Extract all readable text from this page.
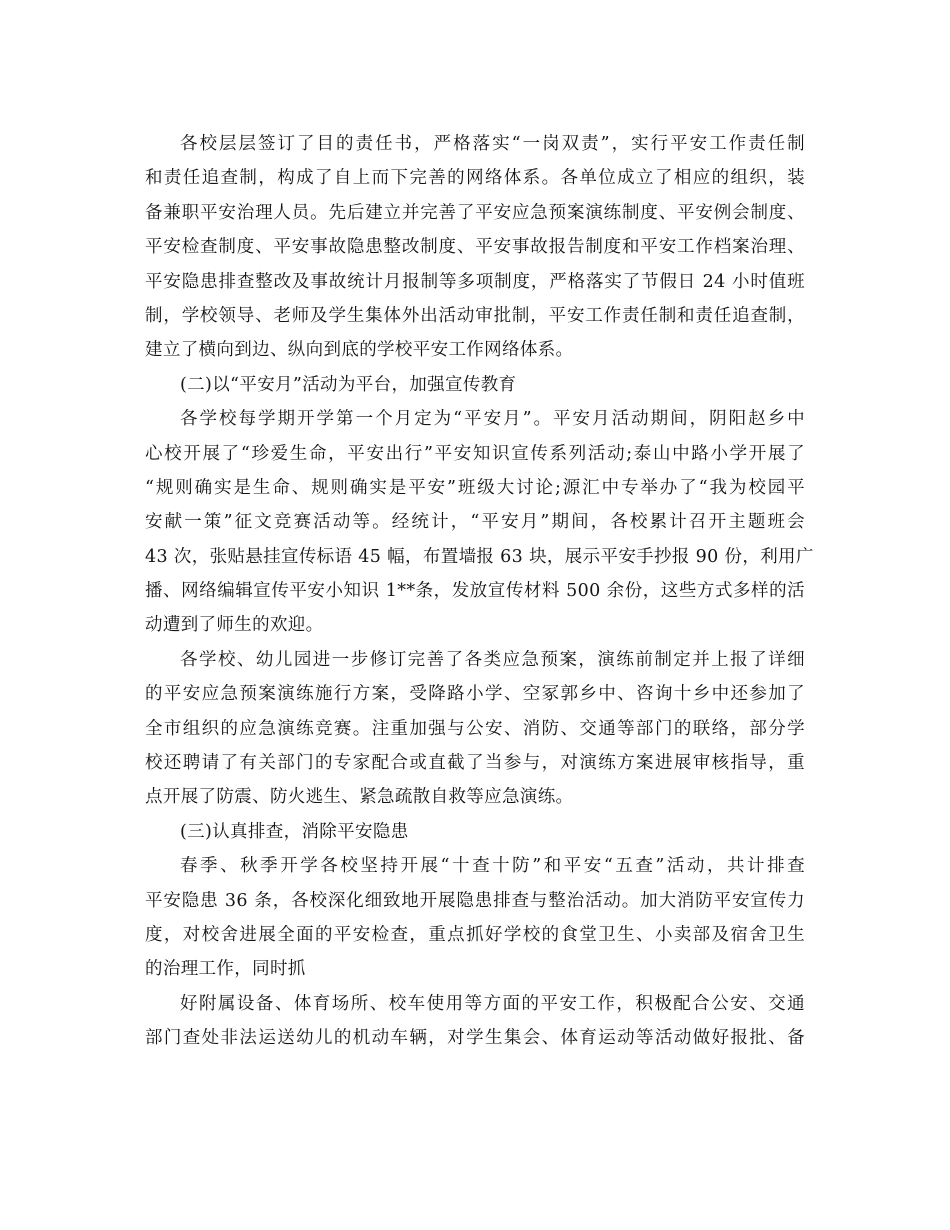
各校层层签订了目的责任书，严格落实“一岗双责”，实行平安工作责任制
和责任追查制，构成了自上而下完善的网络体系。各单位成立了相应的组织，装
备兼职平安治理人员。先后建立并完善了平安应急预案演练制度、平安例会制度、
平安检查制度、平安事故隐患整改制度、平安事故报告制度和平安工作档案治理、
平安隐患排查整改及事故统计月报制等多项制度，严格落实了节假日 24 小时值班
制，学校领导、老师及学生集体外出活动审批制，平安工作责任制和责任追查制，
建立了横向到边、纵向到底的学校平安工作网络体系。
(二)以“平安月”活动为平台，加强宣传教育
各学校每学期开学第一个月定为“平安月”。平安月活动期间，阴阳赵乡中
心校开展了“珍爱生命，平安出行”平安知识宣传系列活动;泰山中路小学开展了
“规则确实是生命、规则确实是平安”班级大讨论;源汇中专举办了“我为校园平
安献一策”征文竞赛活动等。经统计，“平安月”期间，各校累计召开主题班会
43 次，张贴悬挂宣传标语 45 幅，布置墙报 63 块，展示平安手抄报 90 份，利用广
播、网络编辑宣传平安小知识 1**条，发放宣传材料 500 余份，这些方式多样的活
动遭到了师生的欢迎。
各学校、幼儿园进一步修订完善了各类应急预案，演练前制定并上报了详细
的平安应急预案演练施行方案，受降路小学、空冢郭乡中、咨询十乡中还参加了
全市组织的应急演练竞赛。注重加强与公安、消防、交通等部门的联络，部分学
校还聘请了有关部门的专家配合或直截了当参与，对演练方案进展审核指导，重
点开展了防震、防火逃生、紧急疏散自救等应急演练。
(三)认真排查，消除平安隐患
春季、秋季开学各校坚持开展“十查十防”和平安“五查”活动，共计排查
平安隐患 36 条，各校深化细致地开展隐患排查与整治活动。加大消防平安宣传力
度，对校舍进展全面的平安检查，重点抓好学校的食堂卫生、小卖部及宿舍卫生
的治理工作，同时抓
好附属设备、体育场所、校车使用等方面的平安工作，积极配合公安、交通
部门查处非法运送幼儿的机动车辆，对学生集会、体育运动等活动做好报批、备
